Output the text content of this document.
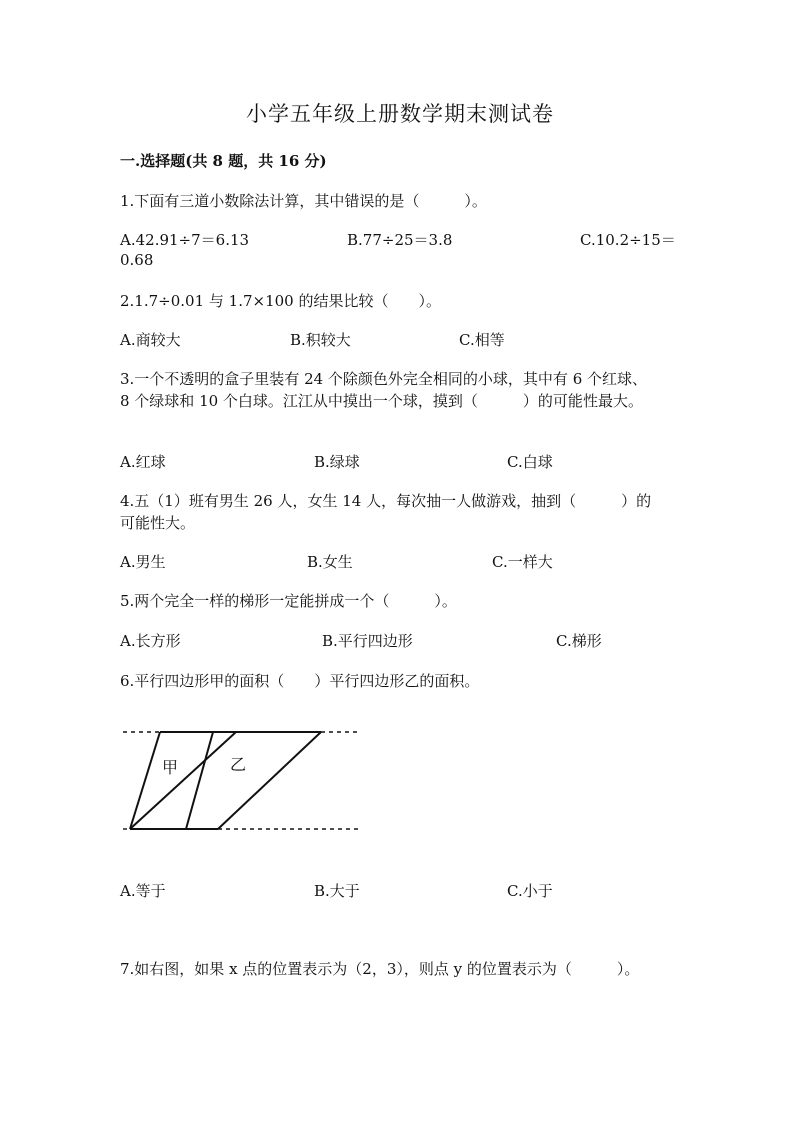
小学五年级上册数学期末测试卷
一.选择题(共 8 题，共 16 分)
1.下面有三道小数除法计算，其中错误的是（　　　）。
A.42.91÷7＝6.13	B.77÷25＝3.8	C.10.2÷15＝
0.68
2.1.7÷0.01 与 1.7×100 的结果比较（　　）。
A.商较大	B.积较大	C.相等
3.一个不透明的盒子里装有 24 个除颜色外完全相同的小球，其中有 6 个红球、
8 个绿球和 10 个白球。江江从中摸出一个球，摸到（　　　）的可能性最大。
A.红球	B.绿球	C.白球
4.五（1）班有男生 26 人，女生 14 人，每次抽一人做游戏，抽到（　　　）的
可能性大。
A.男生	B.女生	C.一样大
5.两个完全一样的梯形一定能拼成一个（　　　）。
A.长方形	B.平行四边形	C.梯形
6.平行四边形甲的面积（　　）平行四边形乙的面积。
甲	乙
A.等于	B.大于	C.小于
7.如右图，如果 x 点的位置表示为（2，3），则点 y 的位置表示为（　　　）。
